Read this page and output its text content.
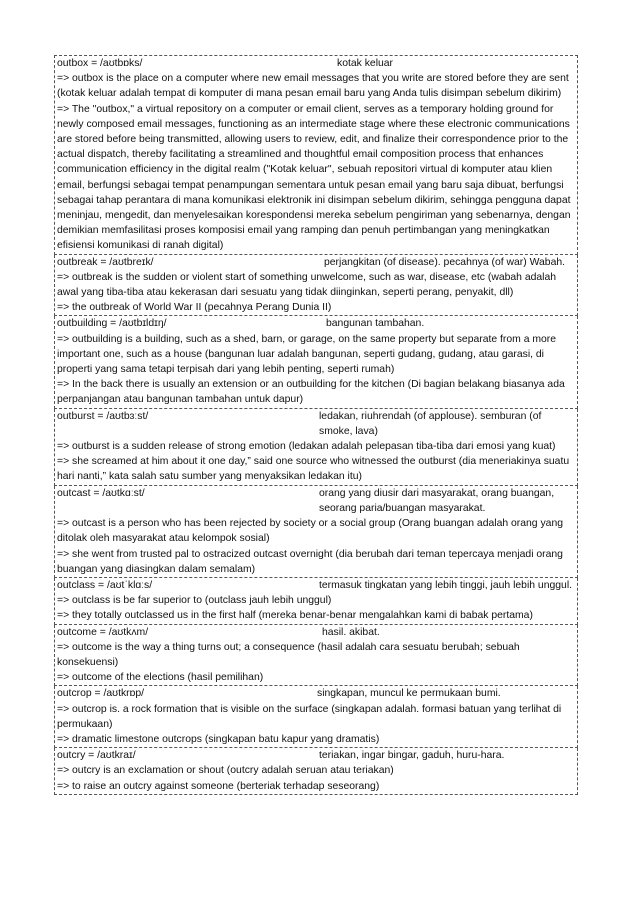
outbox = /aʊtbɒks/	kotak keluar

=> outbox is the place on a computer where new email messages that you write are stored before they are sent (kotak keluar adalah tempat di komputer di mana pesan email baru yang Anda tulis disimpan sebelum dikirim)

=> The "outbox," a virtual repository on a computer or email client, serves as a temporary holding ground for newly composed email messages, functioning as an intermediate stage where these electronic communications are stored before being transmitted, allowing users to review, edit, and finalize their correspondence prior to the actual dispatch, thereby facilitating a streamlined and thoughtful email composition process that enhances communication efficiency in the digital realm ("Kotak keluar", sebuah repositori virtual di komputer atau klien email, berfungsi sebagai tempat penampungan sementara untuk pesan email yang baru saja dibuat, berfungsi sebagai tahap perantara di mana komunikasi elektronik ini disimpan sebelum dikirim, sehingga pengguna dapat meninjau, mengedit, dan menyelesaikan korespondensi mereka sebelum pengiriman yang sebenarnya, dengan demikian memfasilitasi proses komposisi email yang ramping dan penuh pertimbangan yang meningkatkan efisiensi komunikasi di ranah digital)

outbreak = /aʊtbreɪk/	perjangkitan (of disease). pecahnya (of war) Wabah.

=> outbreak is the sudden or violent start of something unwelcome, such as war, disease, etc (wabah adalah awal yang tiba-tiba atau kekerasan dari sesuatu yang tidak diinginkan, seperti perang, penyakit, dll)

=> the outbreak of World War II (pecahnya Perang Dunia II)

outbuilding = /aʊtbɪldɪŋ/	bangunan tambahan.

=> outbuilding is a building, such as a shed, barn, or garage, on the same property but separate from a more important one, such as a house (bangunan luar adalah bangunan, seperti gudang, gudang, atau garasi, di properti yang sama tetapi terpisah dari yang lebih penting, seperti rumah)

=> In the back there is usually an extension or an outbuilding for the kitchen (Di bagian belakang biasanya ada perpanjangan atau bangunan tambahan untuk dapur)

outburst = /aʊtbɜːst/	ledakan, riuhrendah (of applouse). semburan (of smoke, lava)

=> outburst is a sudden release of strong emotion (ledakan adalah pelepasan tiba-tiba dari emosi yang kuat)

=> she screamed at him about it one day,” said one source who witnessed the outburst (dia meneriakinya suatu hari nanti,” kata salah satu sumber yang menyaksikan ledakan itu)

outcast = /aʊtkɑːst/	orang yang diusir dari masyarakat, orang buangan, seorang paria/buangan masyarakat.

=> outcast is a person who has been rejected by society or a social group (Orang buangan adalah orang yang ditolak oleh masyarakat atau kelompok sosial)

=> she went from trusted pal to ostracized outcast overnight (dia berubah dari teman tepercaya menjadi orang buangan yang diasingkan dalam semalam)

outclass = /aʊtˈklɑːs/	termasuk tingkatan yang lebih tinggi, jauh lebih unggul.

=> outclass is be far superior to (outclass jauh lebih unggul)

=> they totally outclassed us in the first half (mereka benar-benar mengalahkan kami di babak pertama)

outcome = /aʊtkʌm/	hasil. akibat.

=> outcome is the way a thing turns out; a consequence (hasil adalah cara sesuatu berubah; sebuah konsekuensi)

=> outcome of the elections (hasil pemilihan)

outcrop = /aʊtkrɒp/	singkapan, muncul ke permukaan bumi.

=> outcrop is. a rock formation that is visible on the surface (singkapan adalah. formasi batuan yang terlihat di permukaan)

=> dramatic limestone outcrops (singkapan batu kapur yang dramatis)

outcry = /aʊtkraɪ/	teriakan, ingar bingar, gaduh, huru-hara.

=> outcry is an exclamation or shout (outcry adalah seruan atau teriakan)

=> to raise an outcry against someone (berteriak terhadap seseorang)
